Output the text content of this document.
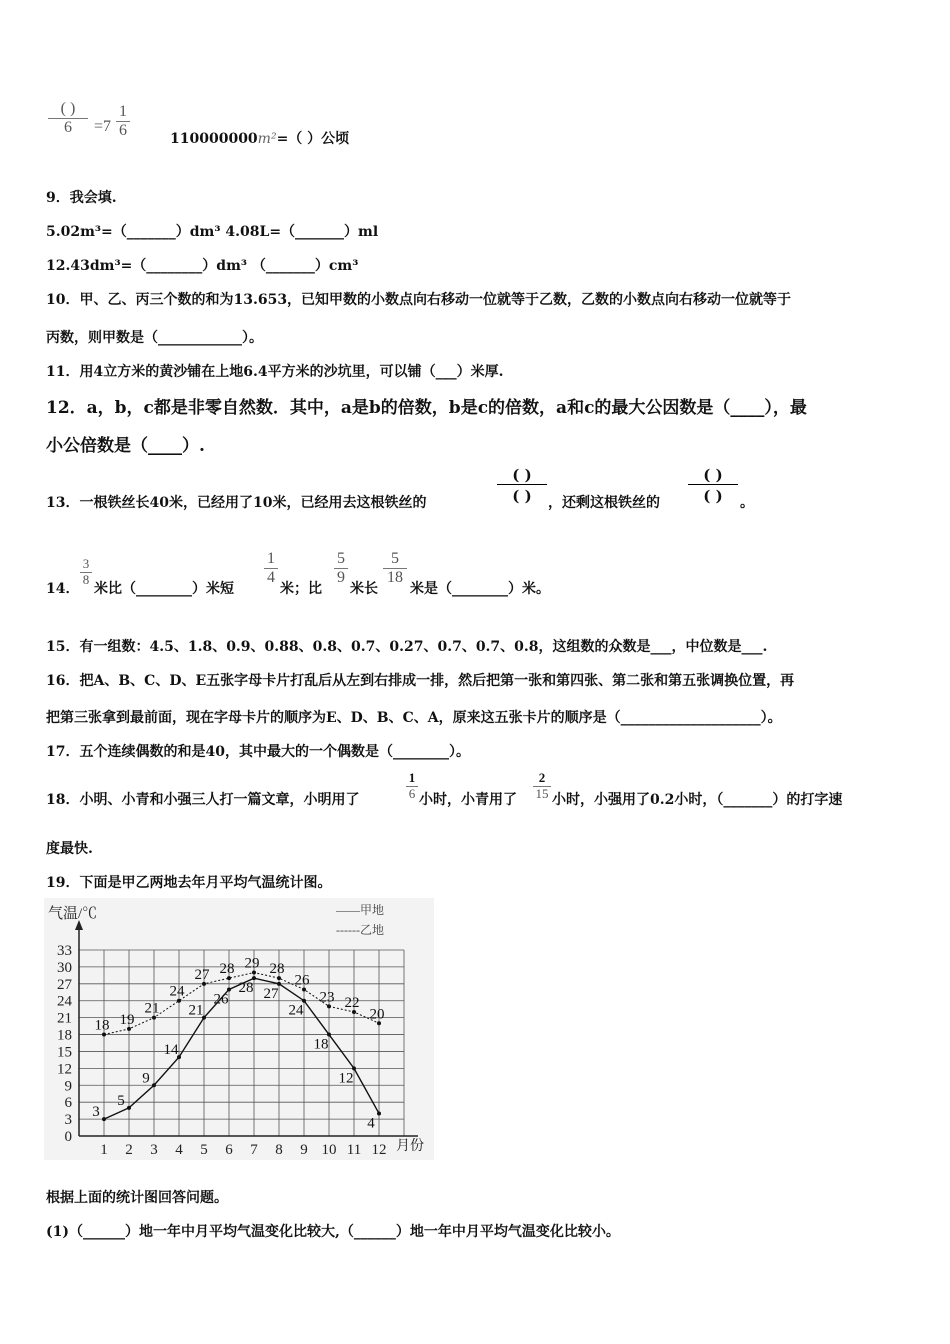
( )
6	$=7 \frac{1}{6}$	110000000m²=（ ）公顷
9．我会填.
5.02m³=（_______）dm³ 4.08L=（_______）ml
12.43dm³=（________）dm³ （_______）cm³
10．甲、乙、丙三个数的和为13.653，已知甲数的小数点向右移动一位就等于乙数，乙数的小数点向右移动一位就等于
丙数，则甲数是（____________）。
11．用4立方米的黄沙铺在上地6.4平方米的沙坑里，可以铺（___）米厚.
12．a，b，c都是非零自然数．其中，a是b的倍数，b是c的倍数，a和c的最大公因数是（____），最
小公倍数是（____）.
13．一根铁丝长40米，已经用了10米，已经用去这根铁丝的
( )
( )	，还剩这根铁丝的
( )
( )	。
14．
$\frac{3}{8}$
米比（________）米短
$\frac{1}{4}$
米；比
$\frac{5}{9}$
米长
$\frac{5}{18}$
米是（________）米。
15．有一组数：4.5、1.8、0.9、0.88、0.8、0.7、0.27、0.7、0.7、0.8，这组数的众数是___，中位数是___.
16．把A、B、C、D、E五张字母卡片打乱后从左到右排成一排，然后把第一张和第四张、第二张和第五张调换位置，再
把第三张拿到最前面，现在字母卡片的顺序为E、D、B、C、A，原来这五张卡片的顺序是（____________________）。
17．五个连续偶数的和是40，其中最大的一个偶数是（________）。
18．小明、小青和小强三人打一篇文章，小明用了	$\frac{1}{6}$ 小时，小青用了 $\frac{2}{15}$ 小时，小强用了0.2小时，（_______）的打字速
度最快.
19．下面是甲乙两地去年月平均气温统计图。
3
5
9
14
21
26
28 27
24
18
12
4
18 19
21
24
27 28 29 28
26
23 22
20
0
3
6
9
12
15
18
21
24
27
30
33
1 2 3 4 5 6 7 8 9 10 11 12
气温/℃
月份
——甲地
------乙地
根据上面的统计图回答问题。
(1)（______）地一年中月平均气温变化比较大,（______）地一年中月平均气温变化比较小。
